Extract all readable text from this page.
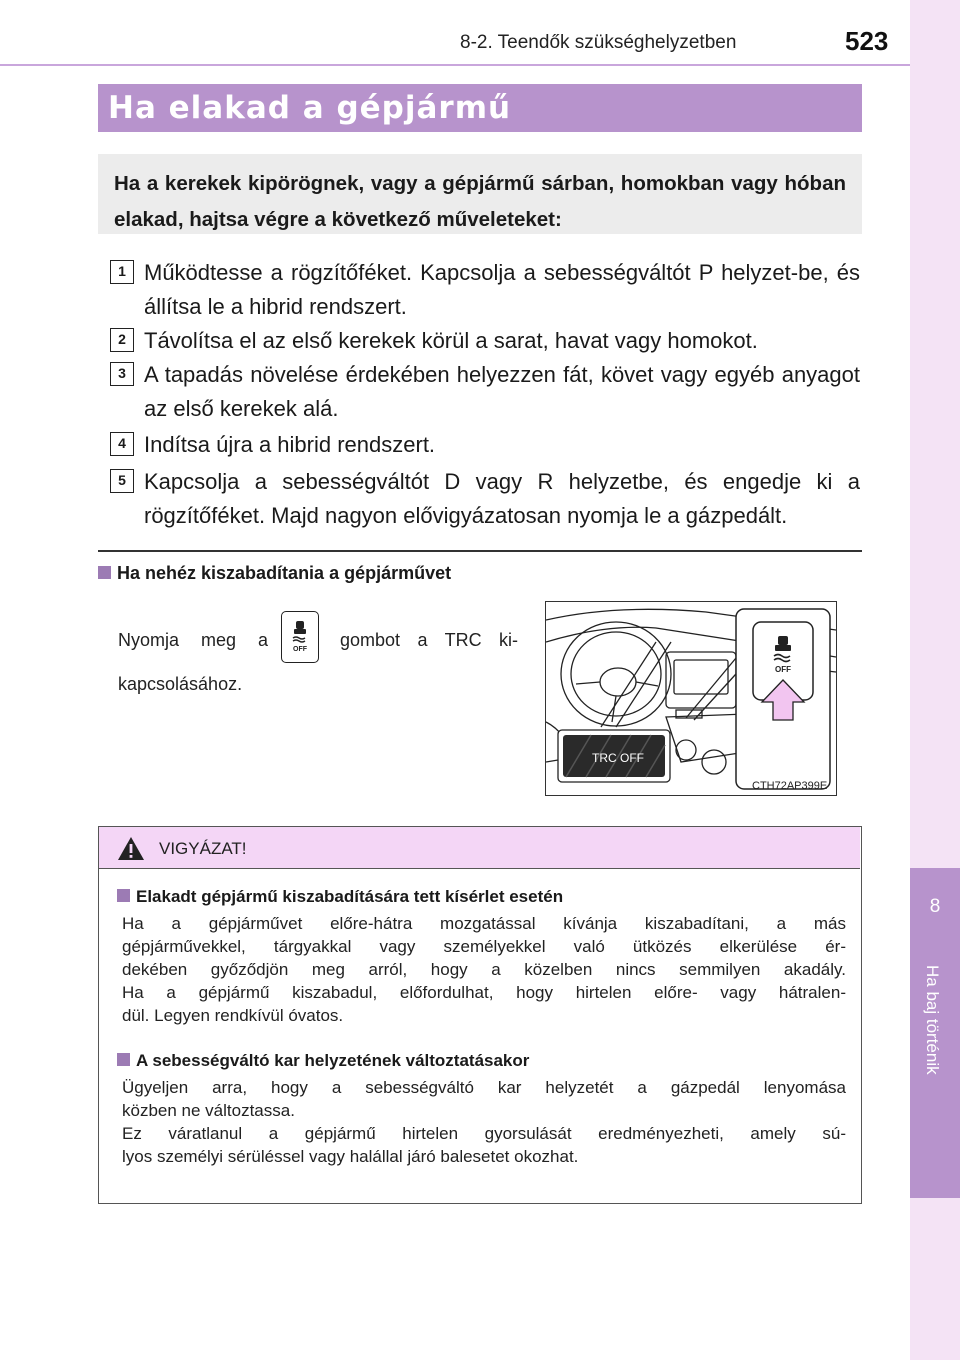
8-2. Teendők szükséghelyzetben	523
8
Ha baj történik
Ha elakad a gépjármű
Ha a kerekek kipörögnek, vagy a gépjármű sárban, homokban vagy hóban elakad, hajtsa végre a következő műveleteket:
1 Működtesse a rögzítőféket. Kapcsolja a sebességváltót P helyzet-be, és állítsa le a hibrid rendszert.
2 Távolítsa el az első kerekek körül a sarat, havat vagy homokot.
3 A tapadás növelése érdekében helyezzen fát, követ vagy egyéb anyagot az első kerekek alá.
4 Indítsa újra a hibrid rendszert.
5 Kapcsolja a sebességváltót D vagy R helyzetbe, és engedje ki a rögzítőféket. Majd nagyon elővigyázatosan nyomja le a gázpedált.
Ha nehéz kiszabadítania a gépjárművet
Nyomja meg a	gombot a TRC ki-
OFF
kapcsolásához.
TRC OFF
OFF
CTH72AP399E
VIGYÁZAT!
Elakadt gépjármű kiszabadítására tett kísérlet esetén
Ha a gépjárművet előre-hátra mozgatással kívánja kiszabadítani, a más
gépjárművekkel, tárgyakkal vagy személyekkel való ütközés elkerülése ér-
dekében győződjön meg arról, hogy a közelben nincs semmilyen akadály.
Ha a gépjármű kiszabadul, előfordulhat, hogy hirtelen előre- vagy hátralen-
dül. Legyen rendkívül óvatos.
A sebességváltó kar helyzetének változtatásakor
Ügyeljen arra, hogy a sebességváltó kar helyzetét a gázpedál lenyomása
közben ne változtassa.
Ez váratlanul a gépjármű hirtelen gyorsulását eredményezheti, amely sú-
lyos személyi sérüléssel vagy halállal járó balesetet okozhat.
